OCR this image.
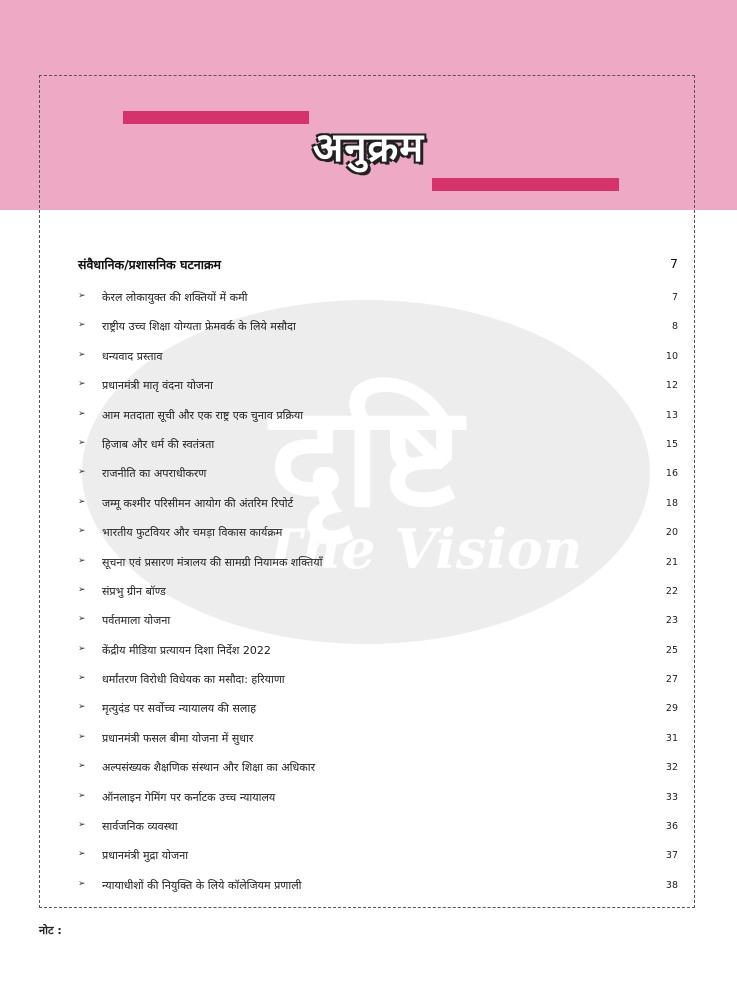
अनुक्रम
दृष्टि
The Vision
संवैधानिक/प्रशासनिक घटनाक्रम	7
➢ केरल लोकायुक्त की शक्तियों में कमी	7
➢ राष्ट्रीय उच्च शिक्षा योग्यता फ्रेमवर्क के लिये मसौदा	8
➢ धन्यवाद प्रस्ताव	10
➢ प्रधानमंत्री मातृ वंदना योजना	12
➢ आम मतदाता सूची और एक राष्ट्र एक चुनाव प्रक्रिया	13
➢ हिजाब और धर्म की स्वतंत्रता	15
➢ राजनीति का अपराधीकरण	16
➢ जम्मू कश्मीर परिसीमन आयोग की अंतरिम रिपोर्ट	18
➢ भारतीय फुटवियर और चमड़ा विकास कार्यक्रम	20
➢ सूचना एवं प्रसारण मंत्रालय की सामग्री नियामक शक्तियाँ	21
➢ संप्रभु ग्रीन बॉण्ड	22
➢ पर्वतमाला योजना	23
➢ केंद्रीय मीडिया प्रत्यायन दिशा निर्देश 2022	25
➢ धर्मांतरण विरोधी विधेयक का मसौदा: हरियाणा	27
➢ मृत्युदंड पर सर्वोच्च न्यायालय की सलाह	29
➢ प्रधानमंत्री फसल बीमा योजना में सुधार	31
➢ अल्पसंख्यक शैक्षणिक संस्थान और शिक्षा का अधिकार	32
➢ ऑनलाइन गेमिंग पर कर्नाटक उच्च न्यायालय	33
➢ सार्वजनिक व्यवस्था	36
➢ प्रधानमंत्री मुद्रा योजना	37
➢ न्यायाधीशों की नियुक्ति के लिये कॉलेजियम प्रणाली	38
नोट :
